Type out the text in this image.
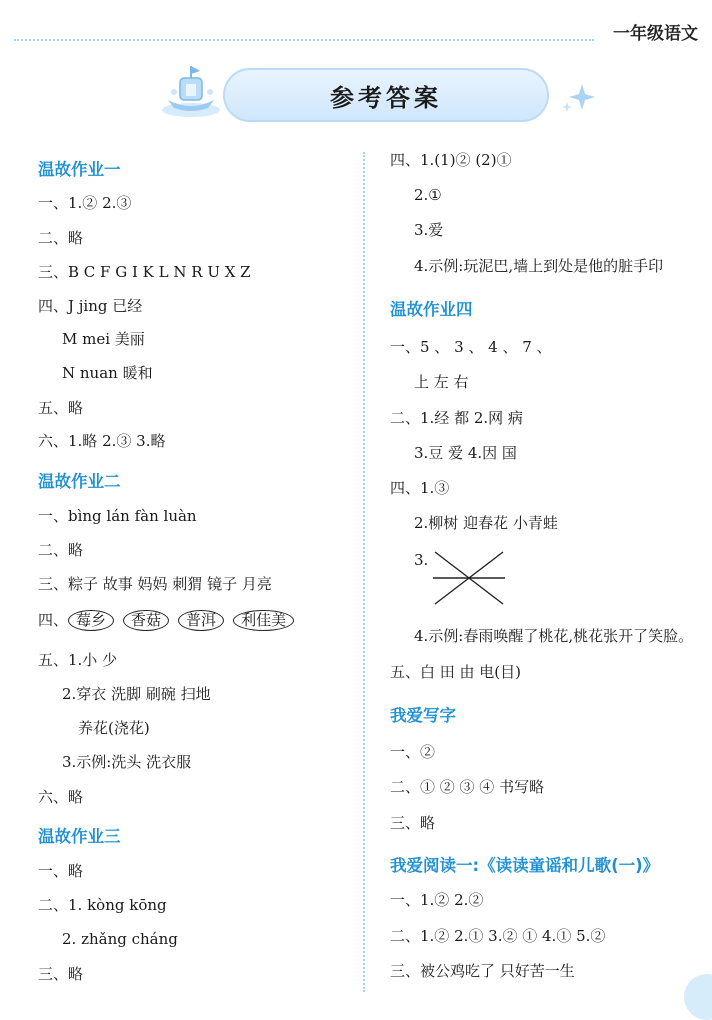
一年级语文
参考答案
温故作业一
一、1.② 2.③
二、略
三、B C F G I K L N R U X Z
四、J jing 已经
M mei 美丽
N nuan 暖和
五、略
六、1.略 2.③ 3.略
温故作业二
一、bìng lán fàn luàn
二、略
三、粽子 故事 妈妈 刺猬 镜子 月亮
四、 莓乡 香菇 普洱 利佳美
五、1.小 少
2.穿衣 洗脚 刷碗 扫地
养花(浇花)
3.示例:洗头 洗衣服
六、略
温故作业三
一、略
二、1. kòng kōng
2. zhǎng cháng
三、略
四、1.(1)② (2)①
2.①
3.爱
4.示例:玩泥巴,墙上到处是他的脏手印
温故作业四
一、5 、 3 、 4 、 7 、
上 左 右
二、1.经 都 2.网 病
3.豆 爱 4.因 国
四、1.③
2.柳树 迎春花 小青蛙
3.
4.示例:春雨唤醒了桃花,桃花张开了笑脸。
五、白 田 由 电(目)
我爱写字
一、②
二、① ② ③ ④ 书写略
三、略
我爱阅读一:《读读童谣和儿歌(一)》
一、1.② 2.②
二、1.② 2.① 3.② ① 4.① 5.②
三、被公鸡吃了 只好苦一生
